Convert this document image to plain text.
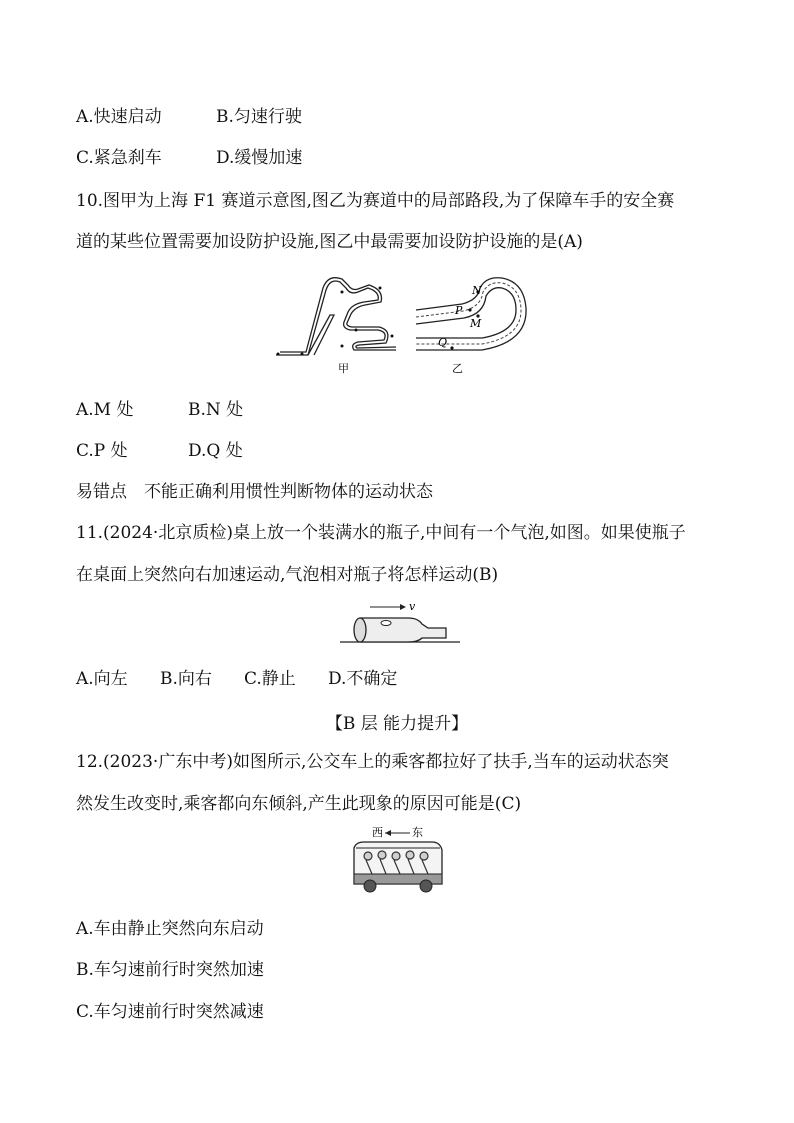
A.快速启动	B.匀速行驶
C.紧急刹车	D.缓慢加速
10.图甲为上海 F1 赛道示意图,图乙为赛道中的局部路段,为了保障车手的安全赛
道的某些位置需要加设防护设施,图乙中最需要加设防护设施的是(A)
甲
N
P
M
Q
乙
A.M 处	B.N 处
C.P 处	D.Q 处
易错点　不能正确利用惯性判断物体的运动状态
11.(2024·北京质检)桌上放一个装满水的瓶子,中间有一个气泡,如图。如果使瓶子
在桌面上突然向右加速运动,气泡相对瓶子将怎样运动(B)
v
A.向左 B.向右 C.静止 D.不确定
【B 层 能力提升】
12.(2023·广东中考)如图所示,公交车上的乘客都拉好了扶手,当车的运动状态突
然发生改变时,乘客都向东倾斜,产生此现象的原因可能是(C)
西	东
A.车由静止突然向东启动
B.车匀速前行时突然加速
C.车匀速前行时突然减速
